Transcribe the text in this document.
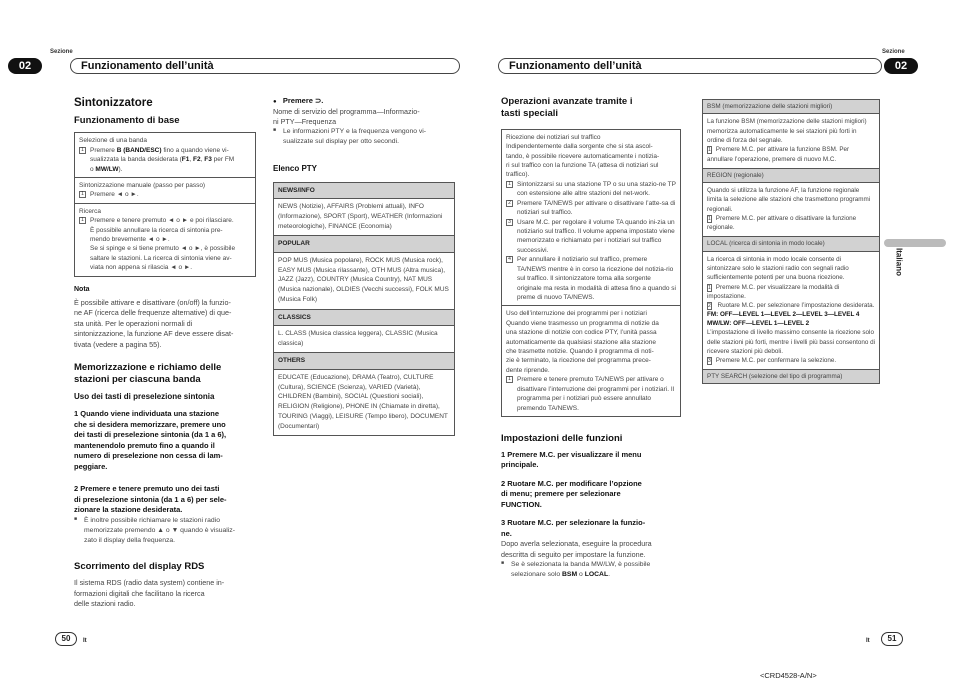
Sezione
02	Funzionamento dell’unità
Sintonizzatore
Funzionamento di base
Selezione di una banda
1 Premere B (BAND/ESC) fino a quando viene vi-
sualizzata la banda desiderata (F1, F2, F3 per FM
o MW/LW).
Sintonizzazione manuale (passo per passo)
1 Premere ◄ o ►.
Ricerca
1 Premere e tenere premuto ◄ o ► e poi rilasciare.
È possibile annullare la ricerca di sintonia pre-
mendo brevemente ◄ o ►.
Se si spinge e si tiene premuto ◄ o ►, è possibile
saltare le stazioni. La ricerca di sintonia viene av-
viata non appena si rilascia ◄ o ►.
Nota
È possibile attivare e disattivare (on/off) la funzio-
ne AF (ricerca delle frequenze alternative) di que-
sta unità. Per le operazioni normali di
sintonizzazione, la funzione AF deve essere disat-
tivata (vedere a pagina 55).
Memorizzazione e richiamo delle
stazioni per ciascuna banda
Uso dei tasti di preselezione sintonia
1 Quando viene individuata una stazione
che si desidera memorizzare, premere uno
dei tasti di preselezione sintonia (da 1 a 6),
mantenendolo premuto fino a quando il
numero di preselezione non cessa di lam-
peggiare.
2 Premere e tenere premuto uno dei tasti
di preselezione sintonia (da 1 a 6) per sele-
zionare la stazione desiderata.
■ È inoltre possibile richiamare le stazioni radio
memorizzate premendo ▲ o ▼ quando è visualiz-
zato il display della frequenza.
Scorrimento del display RDS
Il sistema RDS (radio data system) contiene in-
formazioni digitali che facilitano la ricerca
delle stazioni radio.
● Premere ⊃.
Nome di servizio del programma—Informazio-
ni PTY—Frequenza
■ Le informazioni PTY e la frequenza vengono vi-
sualizzate sul display per otto secondi.
Elenco PTY
NEWS/INFO
NEWS (Notizie), AFFAIRS (Problemi attuali), INFO (Informazione), SPORT (Sport), WEATHER (Informazioni meteorologiche), FINANCE (Economia)
POPULAR
POP MUS (Musica popolare), ROCK MUS (Musica rock), EASY MUS (Musica rilassante), OTH MUS (Altra musica), JAZZ (Jazz), COUNTRY (Musica Country), NAT MUS (Musica nazionale), OLDIES (Vecchi successi), FOLK MUS (Musica Folk)
CLASSICS
L. CLASS (Musica classica leggera), CLASSIC (Musica classica)
OTHERS
EDUCATE (Educazione), DRAMA (Teatro), CULTURE (Cultura), SCIENCE (Scienza), VARIED (Varietà), CHILDREN (Bambini), SOCIAL (Questioni sociali), RELIGION (Religione), PHONE IN (Chiamate in diretta), TOURING (Viaggi), LEISURE (Tempo libero), DOCUMENT (Documentari)
50	It
Sezione
Funzionamento dell’unità	02
Operazioni avanzate tramite i
tasti speciali
Ricezione dei notiziari sul traffico
Indipendentemente dalla sorgente che si sta ascol-
tando, è possibile ricevere automaticamente i notizia-
ri sul traffico con la funzione TA (attesa di notiziari sul
traffico).
1 Sintonizzarsi su una stazione TP o su una stazio-ne TP con estensione alle altre stazioni del net-work.
2 Premere TA/NEWS per attivare o disattivare l’atte-sa di notiziari sul traffico.
3 Usare M.C. per regolare il volume TA quando ini-zia un notiziario sul traffico. Il volume appena impostato viene memorizzato e richiamato per i notiziari sul traffico successivi.
4 Per annullare il notiziario sul traffico, premere TA/NEWS mentre è in corso la ricezione del notizia-rio sul traffico. Il sintonizzatore torna alla sorgente originale ma resta in modalità di attesa fino a quando si preme di nuovo TA/NEWS.
Uso dell’interruzione dei programmi per i notiziari
Quando viene trasmesso un programma di notizie da
una stazione di notizie con codice PTY, l’unità passa
automaticamente da qualsiasi stazione alla stazione
che trasmette notizie. Quando il programma di noti-
zie è terminato, la ricezione del programma prece-
dente riprende.
1 Premere e tenere premuto TA/NEWS per attivare o disattivare l’interruzione dei programmi per i notiziari. Il programma per i notiziari può essere annullato premendo TA/NEWS.
Impostazioni delle funzioni
1 Premere M.C. per visualizzare il menu principale.
2 Ruotare M.C. per modificare l’opzione
di menu; premere per selezionare
FUNCTION.
3 Ruotare M.C. per selezionare la funzio-
ne.
Dopo averla selezionata, eseguire la procedura
descritta di seguito per impostare la funzione.
■ Se è selezionata la banda MW/LW, è possibile
selezionare solo BSM o LOCAL.
BSM (memorizzazione delle stazioni migliori)
La funzione BSM (memorizzazione delle stazioni migliori) memorizza automaticamente le sei stazioni più forti in ordine di forza del segnale.
1 Premere M.C. per attivare la funzione BSM. Per annullare l’operazione, premere di nuovo M.C.
REGION (regionale)
Quando si utilizza la funzione AF, la funzione regionale limita la selezione alle stazioni che trasmettono programmi regionali.
1 Premere M.C. per attivare o disattivare la funzione regionale.
LOCAL (ricerca di sintonia in modo locale)
La ricerca di sintonia in modo locale consente di sintonizzare solo le stazioni radio con segnali radio sufficientemente potenti per una buona ricezione.
1 Premere M.C. per visualizzare la modalità di impostazione.
2 Ruotare M.C. per selezionare l’impostazione desiderata.
FM: OFF—LEVEL 1—LEVEL 2—LEVEL 3—LEVEL 4
MW/LW: OFF—LEVEL 1—LEVEL 2
L’impostazione di livello massimo consente la ricezione solo delle stazioni più forti, mentre i livelli più bassi consentono di ricevere stazioni più deboli.
3 Premere M.C. per confermare la selezione.
PTY SEARCH (selezione del tipo di programma)
Italiano
It	51
<CRD4528-A/N>
